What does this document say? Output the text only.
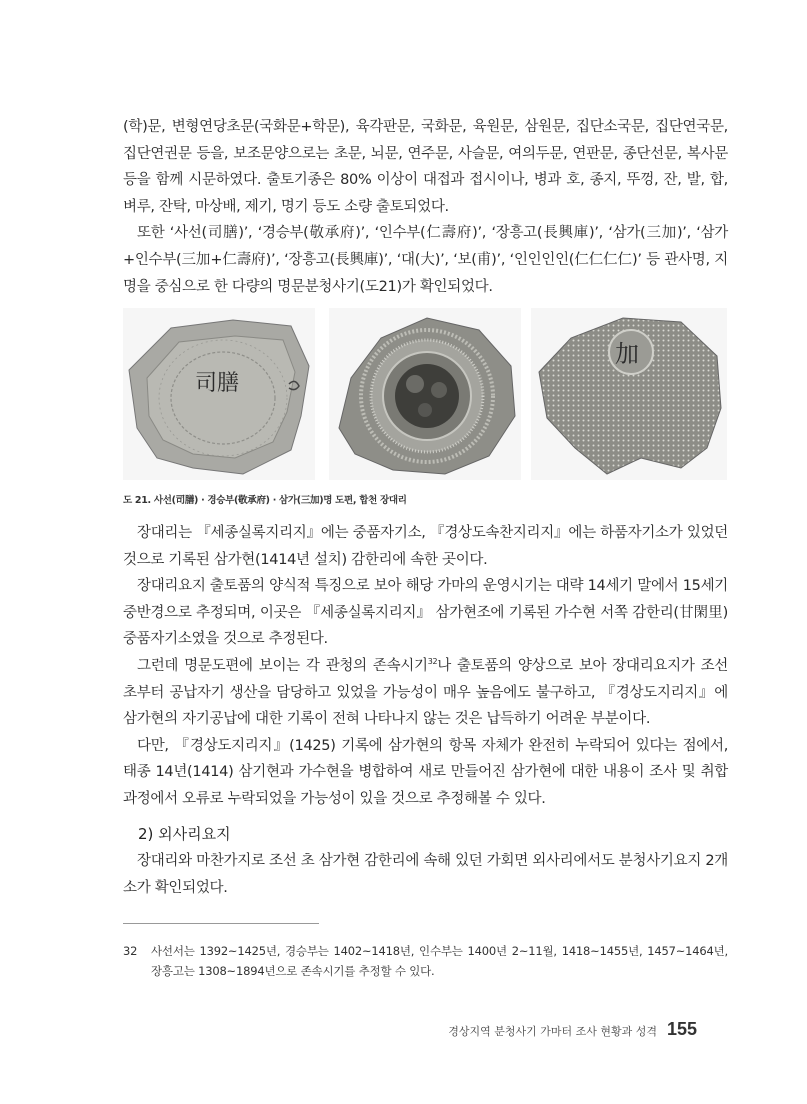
(학)문, 변형연당초문(국화문+학문), 육각판문, 국화문, 육원문, 삼원문, 집단소국문, 집단연국문, 집단연권문 등을, 보조문양으로는 초문, 뇌문, 연주문, 사슬문, 여의두문, 연판문, 종단선문, 복사문 등을 함께 시문하였다. 출토기종은 80% 이상이 대접과 접시이나, 병과 호, 종지, 뚜껑, 잔, 발, 합, 벼루, 잔탁, 마상배, 제기, 명기 등도 소량 출토되었다.

또한 ‘사선(司膳)’, ‘경승부(敬承府)’, ‘인수부(仁壽府)’, ‘장흥고(長興庫)’, ‘삼가(三加)’, ‘삼가+인수부(三加+仁壽府)’, ‘장흥고(長興庫)’, ‘대(大)’, ‘보(甫)’, ‘인인인인(仁仁仁仁)’ 등 관사명, 지명을 중심으로 한 다량의 명문분청사기(도21)가 확인되었다.

司膳
加
도 21. 사선(司膳) · 경승부(敬承府) · 삼가(三加)명 도편, 합천 장대리

장대리는 『세종실록지리지』에는 중품자기소, 『경상도속찬지리지』에는 하품자기소가 있었던 것으로 기록된 삼가현(1414년 설치) 감한리에 속한 곳이다.

장대리요지 출토품의 양식적 특징으로 보아 해당 가마의 운영시기는 대략 14세기 말에서 15세기 중반경으로 추정되며, 이곳은 『세종실록지리지』 삼가현조에 기록된 가수현 서쪽 감한리(甘閑里) 중품자기소였을 것으로 추정된다.

그런데 명문도편에 보이는 각 관청의 존속시기$^{32}$나 출토품의 양상으로 보아 장대리요지가 조선 초부터 공납자기 생산을 담당하고 있었을 가능성이 매우 높음에도 불구하고, 『경상도지리지』에 삼가현의 자기공납에 대한 기록이 전혀 나타나지 않는 것은 납득하기 어려운 부분이다.

다만, 『경상도지리지』(1425) 기록에 삼가현의 항목 자체가 완전히 누락되어 있다는 점에서, 태종 14년(1414) 삼기현과 가수현을 병합하여 새로 만들어진 삼가현에 대한 내용이 조사 및 취합과정에서 오류로 누락되었을 가능성이 있을 것으로 추정해볼 수 있다.

2) 외사리요지

장대리와 마찬가지로 조선 초 삼가현 감한리에 속해 있던 가회면 외사리에서도 분청사기요지 2개소가 확인되었다.

32 사선서는 1392~1425년, 경승부는 1402~1418년, 인수부는 1400년 2~11월, 1418~1455년, 1457~1464년, 장흥고는 1308~1894년으로 존속시기를 추정할 수 있다.
경상지역 분청사기 가마터 조사 현황과 성격 155
